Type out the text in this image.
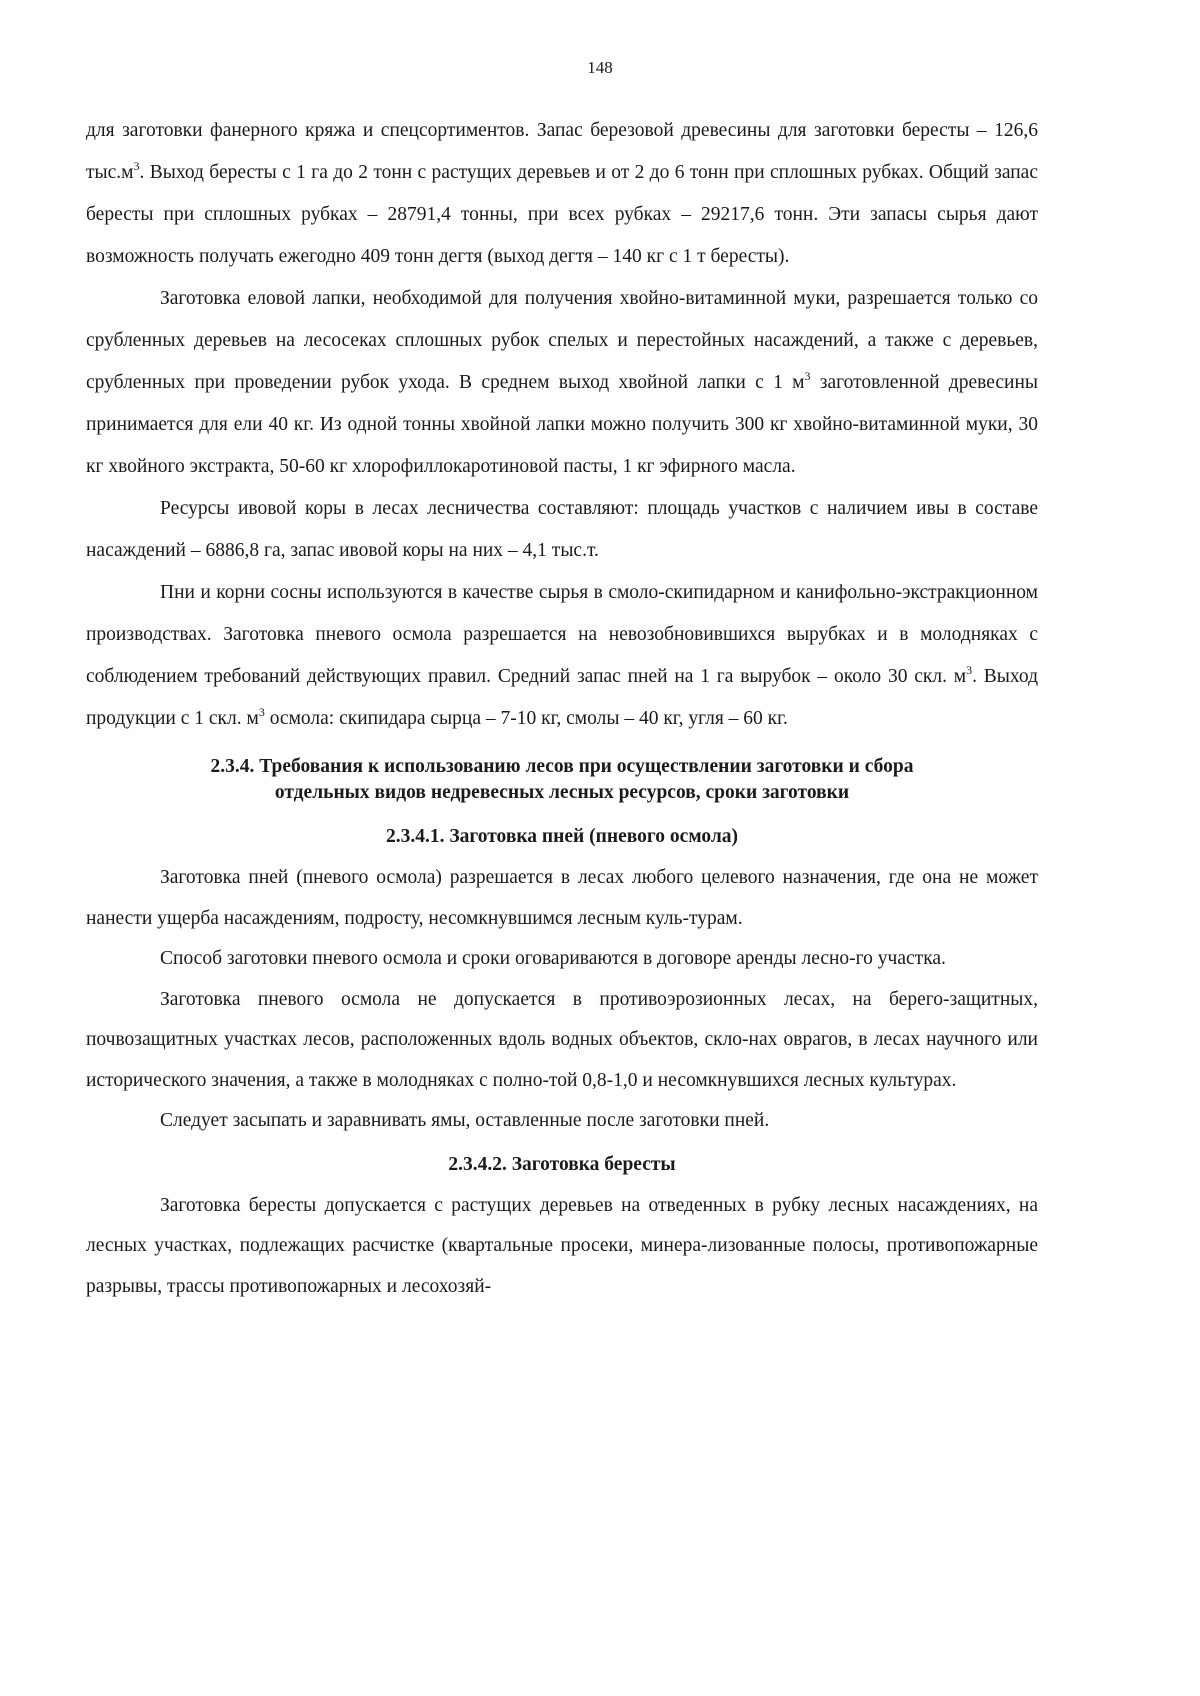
148

для заготовки фанерного кряжа и спецсортиментов. Запас березовой древесины для заготовки бересты – 126,6 $тыс.м^3$. Выход бересты с 1 га до 2 тонн с растущих деревьев и от 2 до 6 тонн при сплошных рубках. Общий запас бересты при сплошных рубках – 28791,4 тонны, при всех рубках – 29217,6 тонн. Эти запасы сырья дают возможность получать ежегодно 409 тонн дегтя (выход дегтя – 140 кг с 1 т бересты).

Заготовка еловой лапки, необходимой для получения хвойно-витаминной муки, разрешается только со срубленных деревьев на лесосеках сплошных рубок спелых и перестойных насаждений, а также с деревьев, срубленных при проведении рубок ухода. В среднем выход хвойной лапки с 1 $м^3$ заготовленной древесины принимается для ели 40 кг. Из одной тонны хвойной лапки можно получить 300 кг хвойно-витаминной муки, 30 кг хвойного экстракта, 50-60 кг хлорофиллокаротиновой пасты, 1 кг эфирного масла.

Ресурсы ивовой коры в лесах лесничества составляют: площадь участков с наличием ивы в составе насаждений – 6886,8 га, запас ивовой коры на них – 4,1 тыс.т.

Пни и корни сосны используются в качестве сырья в смоло-скипидарном и канифольно-экстракционном производствах. Заготовка пневого осмола разрешается на невозобновившихся вырубках и в молодняках с соблюдением требований действующих правил. Средний запас пней на 1 га вырубок – около 30 скл. $м^3$. Выход продукции с 1 скл. $м^3$ осмола: скипидара сырца – 7-10 кг, смолы – 40 кг, угля – 60 кг.

2.3.4. Требования к использованию лесов при осуществлении заготовки и сбора
отдельных видов недревесных лесных ресурсов, сроки заготовки
2.3.4.1. Заготовка пней (пневого осмола)

Заготовка пней (пневого осмола) разрешается в лесах любого целевого назначения, где она не может нанести ущерба насаждениям, подросту, несомкнувшимся лесным куль-турам.

Способ заготовки пневого осмола и сроки оговариваются в договоре аренды лесно-го участка.

Заготовка пневого осмола не допускается в противоэрозионных лесах, на берего-защитных, почвозащитных участках лесов, расположенных вдоль водных объектов, скло-нах оврагов, в лесах научного или исторического значения, а также в молодняках с полно-той 0,8-1,0 и несомкнувшихся лесных культурах.

Следует засыпать и заравнивать ямы, оставленные после заготовки пней.

2.3.4.2. Заготовка бересты

Заготовка бересты допускается с растущих деревьев на отведенных в рубку лесных насаждениях, на лесных участках, подлежащих расчистке (квартальные просеки, минера-лизованные полосы, противопожарные разрывы, трассы противопожарных и лесохозяй-
